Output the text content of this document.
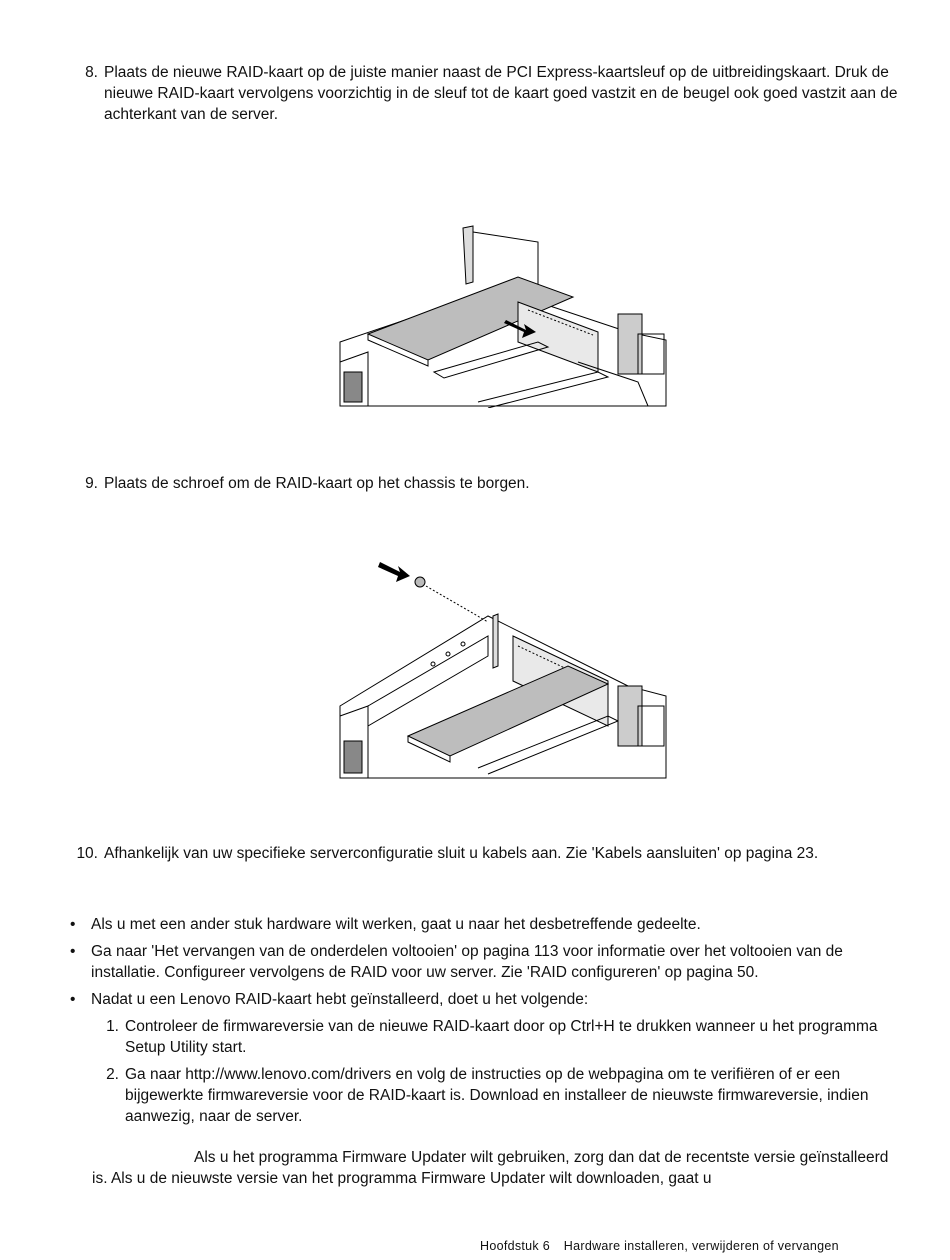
8. Plaats de nieuwe RAID-kaart op de juiste manier naast de PCI Express-kaartsleuf op de uitbreidingskaart. Druk de nieuwe RAID-kaart vervolgens voorzichtig in de sleuf tot de kaart goed vastzit en de beugel ook goed vastzit aan de achterkant van de server.
9. Plaats de schroef om de RAID-kaart op het chassis te borgen.
10. Afhankelijk van uw specifieke serverconfiguratie sluit u kabels aan. Zie 'Kabels aansluiten' op pagina 23.
• Als u met een ander stuk hardware wilt werken, gaat u naar het desbetreffende gedeelte.
• Ga naar 'Het vervangen van de onderdelen voltooien' op pagina 113 voor informatie over het voltooien van de installatie. Configureer vervolgens de RAID voor uw server. Zie 'RAID configureren' op pagina 50.
• Nadat u een Lenovo RAID-kaart hebt geïnstalleerd, doet u het volgende:
1. Controleer de firmwareversie van de nieuwe RAID-kaart door op Ctrl+H te drukken wanneer u het programma Setup Utility start.
2. Ga naar http://www.lenovo.com/drivers en volg de instructies op de webpagina om te verifiëren of er een bijgewerkte firmwareversie voor de RAID-kaart is. Download en installeer de nieuwste firmwareversie, indien aanwezig, naar de server.
Als u het programma Firmware Updater wilt gebruiken, zorg dan dat de recentste versie geïnstalleerd is. Als u de nieuwste versie van het programma Firmware Updater wilt downloaden, gaat u
Hoofdstuk 6 Hardware installeren, verwijderen of vervangen
